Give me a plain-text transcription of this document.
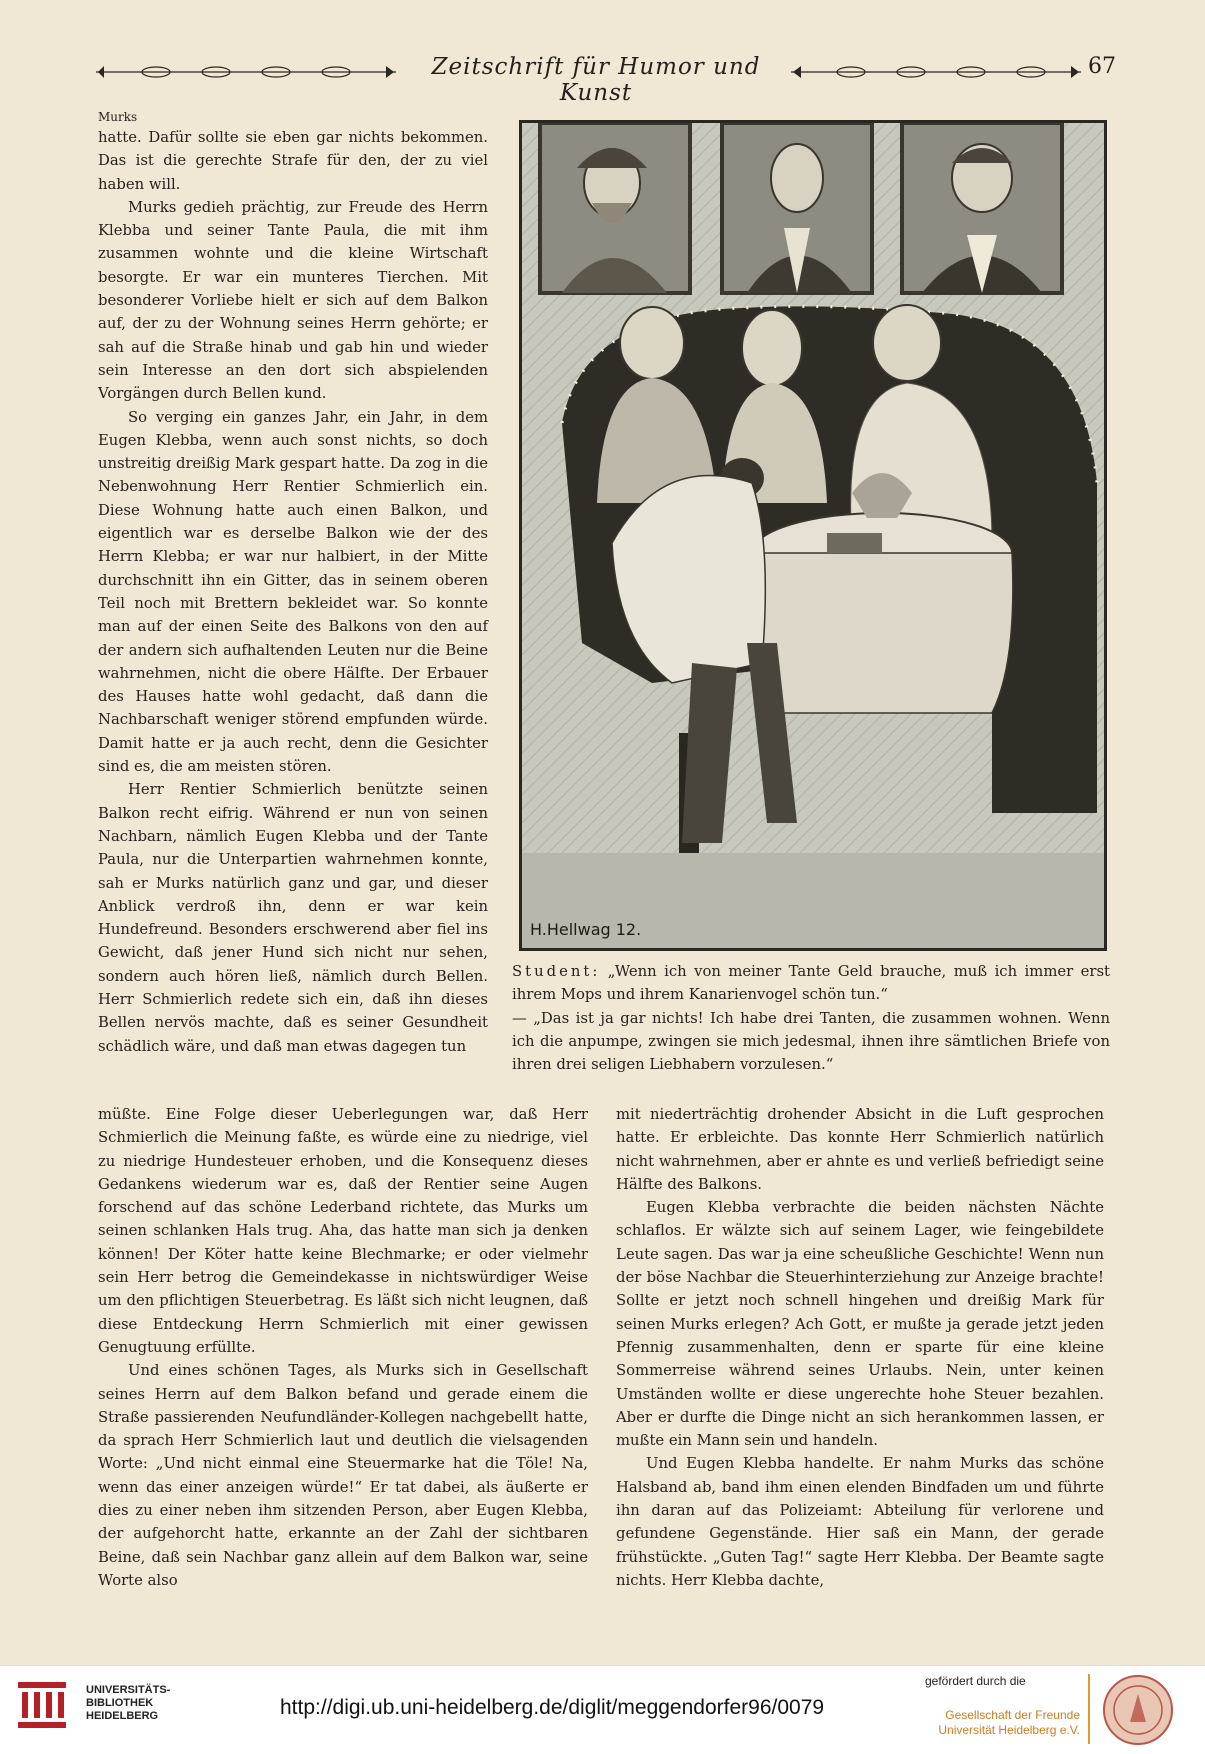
Zeitschrift für Humor und Kunst
67
Murks

hatte. Dafür sollte sie eben gar nichts bekommen. Das ist die gerechte Strafe für den, der zu viel haben will.

Murks gedieh prächtig, zur Freude des Herrn Klebba und seiner Tante Paula, die mit ihm zusammen wohnte und die kleine Wirtschaft besorgte. Er war ein munteres Tierchen. Mit besonderer Vorliebe hielt er sich auf dem Balkon auf, der zu der Wohnung seines Herrn gehörte; er sah auf die Straße hinab und gab hin und wieder sein Interesse an den dort sich abspielenden Vorgängen durch Bellen kund.

So verging ein ganzes Jahr, ein Jahr, in dem Eugen Klebba, wenn auch sonst nichts, so doch unstreitig dreißig Mark gespart hatte. Da zog in die Nebenwohnung Herr Rentier Schmierlich ein. Diese Wohnung hatte auch einen Balkon, und eigentlich war es derselbe Balkon wie der des Herrn Klebba; er war nur halbiert, in der Mitte durchschnitt ihn ein Gitter, das in seinem oberen Teil noch mit Brettern bekleidet war. So konnte man auf der einen Seite des Balkons von den auf der andern sich aufhaltenden Leuten nur die Beine wahrnehmen, nicht die obere Hälfte. Der Erbauer des Hauses hatte wohl gedacht, daß dann die Nachbarschaft weniger störend empfunden würde. Damit hatte er ja auch recht, denn die Gesichter sind es, die am meisten stören.

Herr Rentier Schmierlich benützte seinen Balkon recht eifrig. Während er nun von seinen Nachbarn, nämlich Eugen Klebba und der Tante Paula, nur die Unterpartien wahrnehmen konnte, sah er Murks natürlich ganz und gar, und dieser Anblick verdroß ihn, denn er war kein Hundefreund. Besonders erschwerend aber fiel ins Gewicht, daß jener Hund sich nicht nur sehen, sondern auch hören ließ, nämlich durch Bellen. Herr Schmierlich redete sich ein, daß ihn dieses Bellen nervös machte, daß es seiner Gesundheit schädlich wäre, und daß man etwas dagegen tun

H.Hellwag 12.

Student: „Wenn ich von meiner Tante Geld brauche, muß ich immer erst ihrem Mops und ihrem Kanarienvogel schön tun.“

— „Das ist ja gar nichts! Ich habe drei Tanten, die zusammen wohnen. Wenn ich die anpumpe, zwingen sie mich jedesmal, ihnen ihre sämtlichen Briefe von ihren drei seligen Liebhabern vorzulesen.“

müßte. Eine Folge dieser Ueberlegungen war, daß Herr Schmierlich die Meinung faßte, es würde eine zu niedrige, viel zu niedrige Hundesteuer erhoben, und die Konsequenz dieses Gedankens wiederum war es, daß der Rentier seine Augen forschend auf das schöne Lederband richtete, das Murks um seinen schlanken Hals trug. Aha, das hatte man sich ja denken können! Der Köter hatte keine Blechmarke; er oder vielmehr sein Herr betrog die Gemeindekasse in nichtswürdiger Weise um den pflichtigen Steuerbetrag. Es läßt sich nicht leugnen, daß diese Entdeckung Herrn Schmierlich mit einer gewissen Genugtuung erfüllte.

Und eines schönen Tages, als Murks sich in Gesellschaft seines Herrn auf dem Balkon befand und gerade einem die Straße passierenden Neufundländer-Kollegen nachgebellt hatte, da sprach Herr Schmierlich laut und deutlich die vielsagenden Worte: „Und nicht einmal eine Steuermarke hat die Töle! Na, wenn das einer anzeigen würde!“ Er tat dabei, als äußerte er dies zu einer neben ihm sitzenden Person, aber Eugen Klebba, der aufgehorcht hatte, erkannte an der Zahl der sichtbaren Beine, daß sein Nachbar ganz allein auf dem Balkon war, seine Worte also

mit niederträchtig drohender Absicht in die Luft gesprochen hatte. Er erbleichte. Das konnte Herr Schmierlich natürlich nicht wahrnehmen, aber er ahnte es und verließ befriedigt seine Hälfte des Balkons.

Eugen Klebba verbrachte die beiden nächsten Nächte schlaflos. Er wälzte sich auf seinem Lager, wie feingebildete Leute sagen. Das war ja eine scheußliche Geschichte! Wenn nun der böse Nachbar die Steuerhinterziehung zur Anzeige brachte! Sollte er jetzt noch schnell hingehen und dreißig Mark für seinen Murks erlegen? Ach Gott, er mußte ja gerade jetzt jeden Pfennig zusammenhalten, denn er sparte für eine kleine Sommerreise während seines Urlaubs. Nein, unter keinen Umständen wollte er diese ungerechte hohe Steuer bezahlen. Aber er durfte die Dinge nicht an sich herankommen lassen, er mußte ein Mann sein und handeln.

Und Eugen Klebba handelte. Er nahm Murks das schöne Halsband ab, band ihm einen elenden Bindfaden um und führte ihn daran auf das Polizeiamt: Abteilung für verlorene und gefundene Gegenstände. Hier saß ein Mann, der gerade frühstückte. „Guten Tag!“ sagte Herr Klebba. Der Beamte sagte nichts. Herr Klebba dachte,

UNIVERSITÄTS-
BIBLIOTHEK
HEIDELBERG	http://digi.ub.uni-heidelberg.de/diglit/meggendorfer96/0079
gefördert durch die
Gesellschaft der Freunde
Universität Heidelberg e.V.
